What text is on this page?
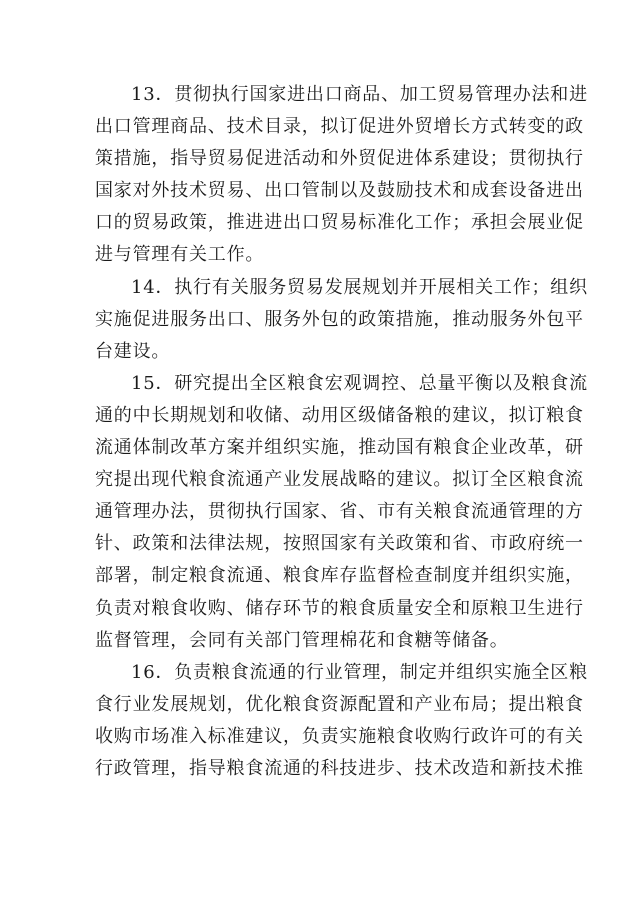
13．贯彻执行国家进出口商品、加工贸易管理办法和进
出口管理商品、技术目录，拟订促进外贸增长方式转变的政
策措施，指导贸易促进活动和外贸促进体系建设；贯彻执行
国家对外技术贸易、出口管制以及鼓励技术和成套设备进出
口的贸易政策，推进进出口贸易标准化工作；承担会展业促
进与管理有关工作。
14．执行有关服务贸易发展规划并开展相关工作；组织
实施促进服务出口、服务外包的政策措施，推动服务外包平
台建设。
15．研究提出全区粮食宏观调控、总量平衡以及粮食流
通的中长期规划和收储、动用区级储备粮的建议，拟订粮食
流通体制改革方案并组织实施，推动国有粮食企业改革，研
究提出现代粮食流通产业发展战略的建议。拟订全区粮食流
通管理办法，贯彻执行国家、省、市有关粮食流通管理的方
针、政策和法律法规，按照国家有关政策和省、市政府统一
部署，制定粮食流通、粮食库存监督检查制度并组织实施，
负责对粮食收购、储存环节的粮食质量安全和原粮卫生进行
监督管理，会同有关部门管理棉花和食糖等储备。
16．负责粮食流通的行业管理，制定并组织实施全区粮
食行业发展规划，优化粮食资源配置和产业布局；提出粮食
收购市场准入标准建议，负责实施粮食收购行政许可的有关
行政管理，指导粮食流通的科技进步、技术改造和新技术推
